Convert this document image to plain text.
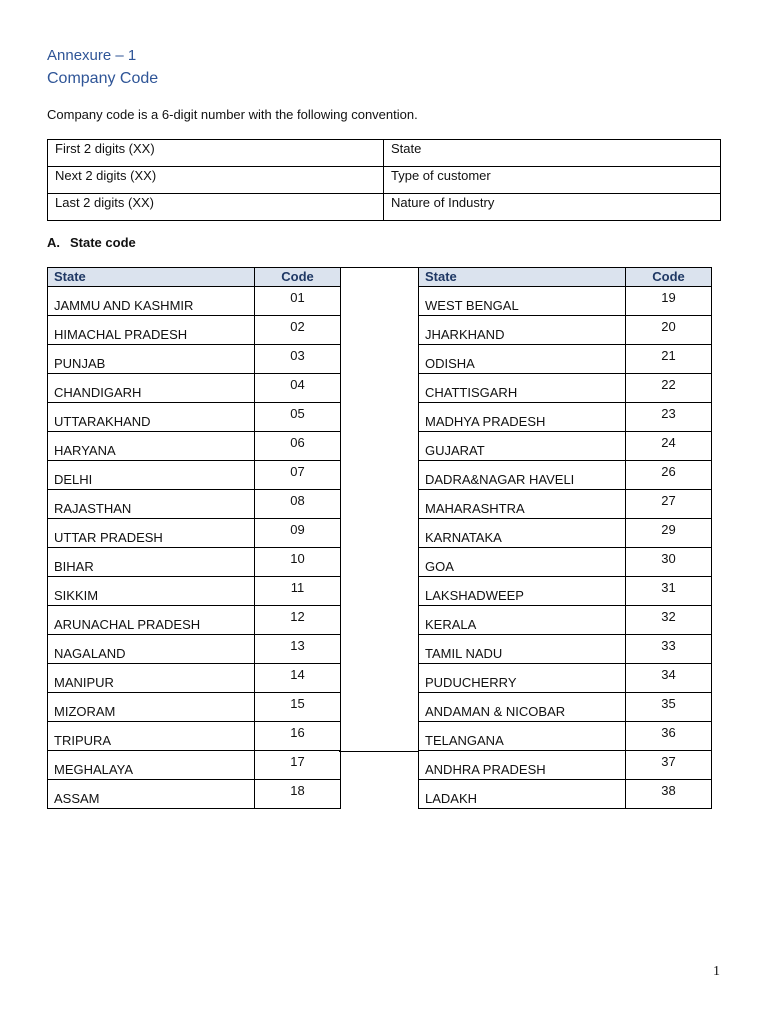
Annexure – 1
Company Code
Company code is a 6-digit number with the following convention.
First 2 digits (XX)	State
Next 2 digits (XX)	Type of customer
Last 2 digits (XX)	Nature of Industry
A. State code
State	Code
JAMMU AND KASHMIR	01
HIMACHAL PRADESH	02
PUNJAB	03
CHANDIGARH	04
UTTARAKHAND	05
HARYANA	06
DELHI	07
RAJASTHAN	08
UTTAR PRADESH	09
BIHAR	10
SIKKIM	11
ARUNACHAL PRADESH	12
NAGALAND	13
MANIPUR	14
MIZORAM	15
TRIPURA	16
MEGHALAYA	17
ASSAM	18
State	Code
WEST BENGAL	19
JHARKHAND	20
ODISHA	21
CHATTISGARH	22
MADHYA PRADESH	23
GUJARAT	24
DADRA&NAGAR HAVELI	26
MAHARASHTRA	27
KARNATAKA	29
GOA	30
LAKSHADWEEP	31
KERALA	32
TAMIL NADU	33
PUDUCHERRY	34
ANDAMAN & NICOBAR	35
TELANGANA	36
ANDHRA PRADESH	37
LADAKH	38
1
